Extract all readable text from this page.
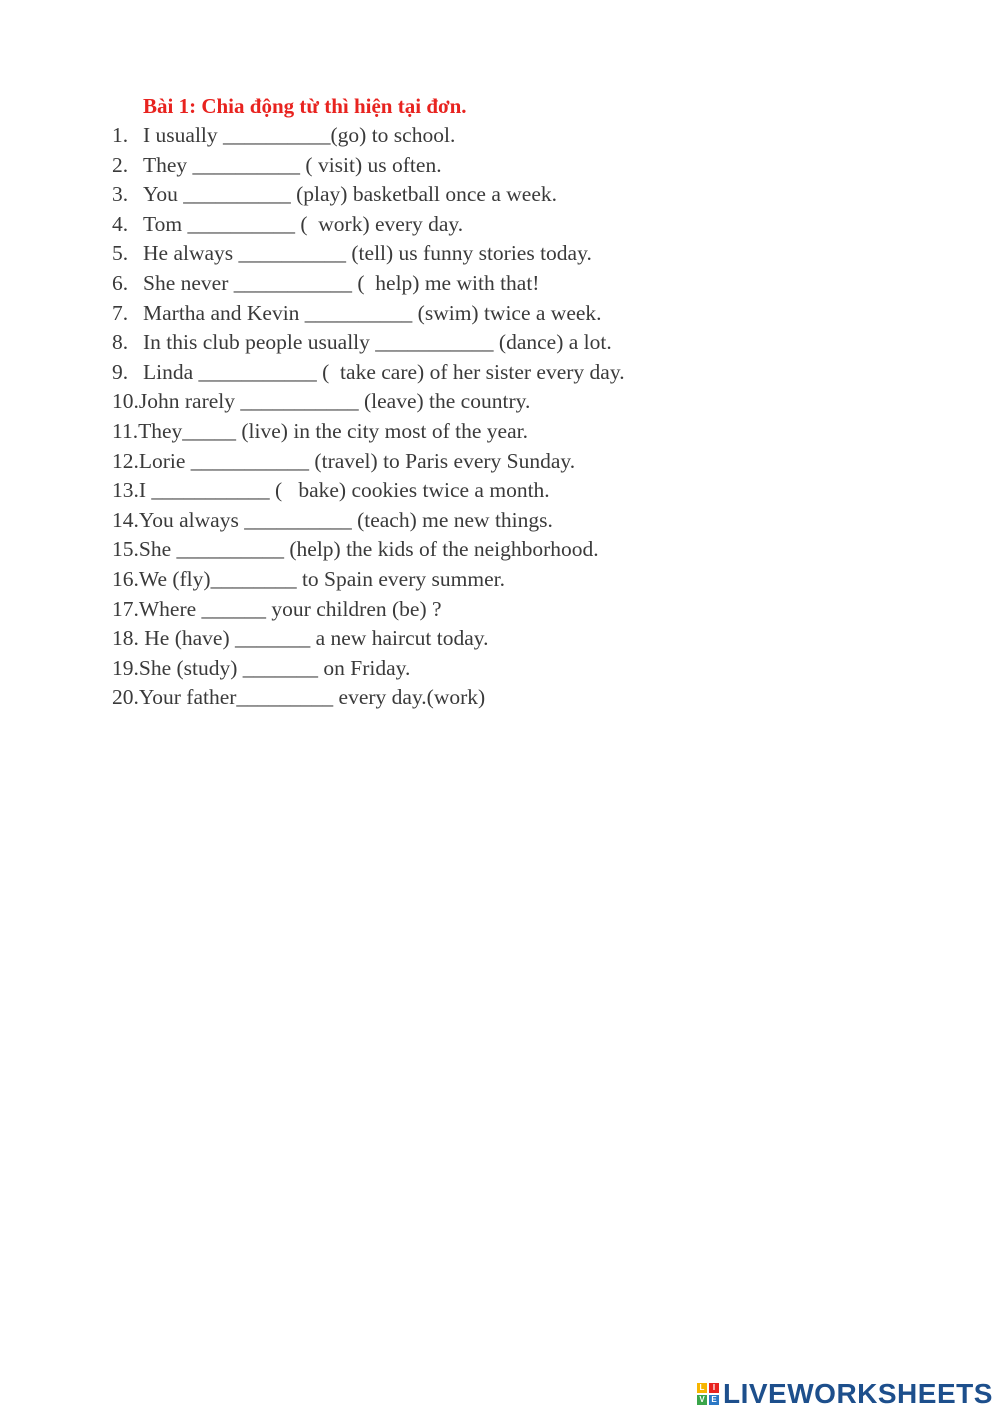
Bài 1: Chia động từ thì hiện tại đơn.
1. I usually __________(go) to school.
2. They __________ ( visit) us often.
3. You __________ (play) basketball once a week.
4. Tom __________ (  work) every day.
5. He always __________ (tell) us funny stories today.
6. She never ___________ (  help) me with that!
7. Martha and Kevin __________ (swim) twice a week.
8. In this club people usually ___________ (dance) a lot.
9. Linda ___________ (  take care) of her sister every day.
10. John rarely ___________ (leave) the country.
11. They_____ (live) in the city most of the year.
12. Lorie ___________ (travel) to Paris every Sunday.
13. I ___________ (   bake) cookies twice a month.
14. You always __________ (teach) me new things.
15. She __________ (help) the kids of the neighborhood.
16. We (fly)________ to Spain every summer.
17. Where ______ your children (be) ?
18. He (have) _______ a new haircut today.
19. She (study) _______ on Friday.
20. Your father_________ every day.(work)
L	I
V E LIVEWORKSHEETS
